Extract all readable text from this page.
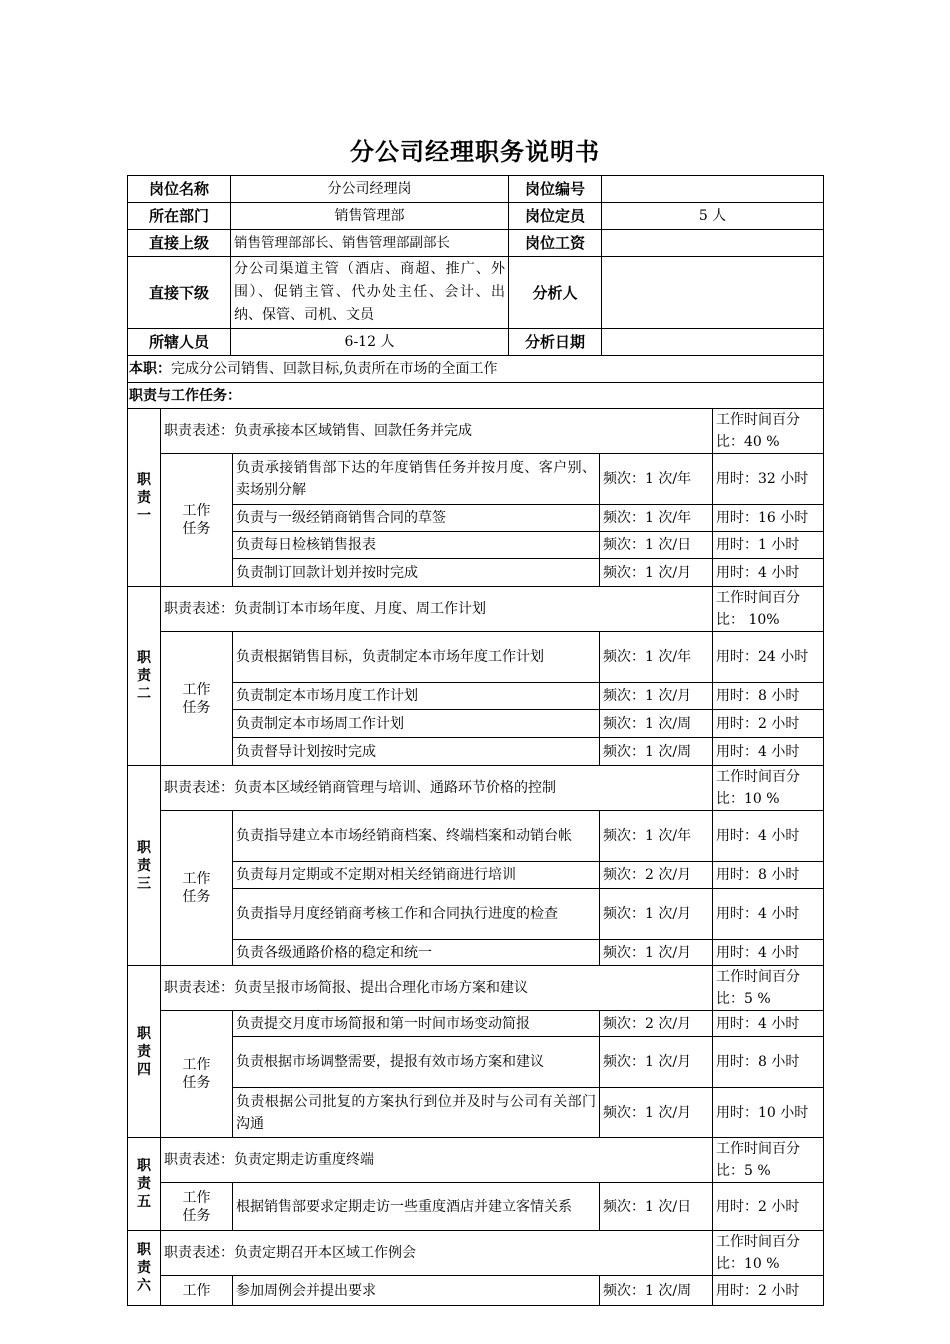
分公司经理职务说明书
岗位名称	分公司经理岗	岗位编号	
所在部门	销售管理部	岗位定员	5 人
直接上级	销售管理部部长、销售管理部副部长	岗位工资	
直接下级	分公司渠道主管（酒店、商超、推广、外围）、促销主管、代办处主任、会计、出纳、保管、司机、文员	分析人	
所辖人员	6-12 人	分析日期	
本职：完成分公司销售、回款目标,负责所在市场的全面工作			
职责与工作任务：				

职
责
一	职责表述：负责承接本区域销售、回款任务并完成			工作时间百分比：40 %

	工作
任务	负责承接销售部下达的年度销售任务并按月度、客户别、卖场别分解	频次：1 次/年	用时：32 小时
		负责与一级经销商销售合同的草签	频次：1 次/年	用时：16 小时
		负责每日检核销售报表	频次：1 次/日	用时：1 小时
		负责制订回款计划并按时完成	频次：1 次/月	用时：4 小时

职
责
二	职责表述：负责制订本市场年度、月度、周工作计划			工作时间百分比： 10%

	工作
任务	负责根据销售目标，负责制定本市场年度工作计划	频次：1 次/年	用时：24 小时
		负责制定本市场月度工作计划	频次：1 次/月	用时：8 小时
		负责制定本市场周工作计划	频次：1 次/周	用时：2 小时
		负责督导计划按时完成	频次：1 次/周	用时：4 小时

职
责
三	职责表述：负责本区域经销商管理与培训、通路环节价格的控制			工作时间百分比：10 %

	工作
任务	负责指导建立本市场经销商档案、终端档案和动销台帐	频次：1 次/年	用时：4 小时
		负责每月定期或不定期对相关经销商进行培训	频次：2 次/月	用时：8 小时
		负责指导月度经销商考核工作和合同执行进度的检查	频次：1 次/月	用时：4 小时
		负责各级通路价格的稳定和统一	频次：1 次/月	用时：4 小时

职
责
四	职责表述：负责呈报市场简报、提出合理化市场方案和建议			工作时间百分比：5 %

	工作
任务	负责提交月度市场简报和第一时间市场变动简报	频次：2 次/月	用时：4 小时
		负责根据市场调整需要，提报有效市场方案和建议	频次：1 次/月	用时：8 小时
		负责根据公司批复的方案执行到位并及时与公司有关部门沟通	频次：1 次/月	用时：10 小时

职
责
五	职责表述：负责定期走访重度终端			工作时间百分比：5 %

	工作
任务	根据销售部要求定期走访一些重度酒店并建立客情关系	频次：1 次/日	用时：2 小时

职
责
六	职责表述：负责定期召开本区域工作例会			工作时间百分比：10 %

	工作	参加周例会并提出要求	频次：1 次/周	用时：2 小时
